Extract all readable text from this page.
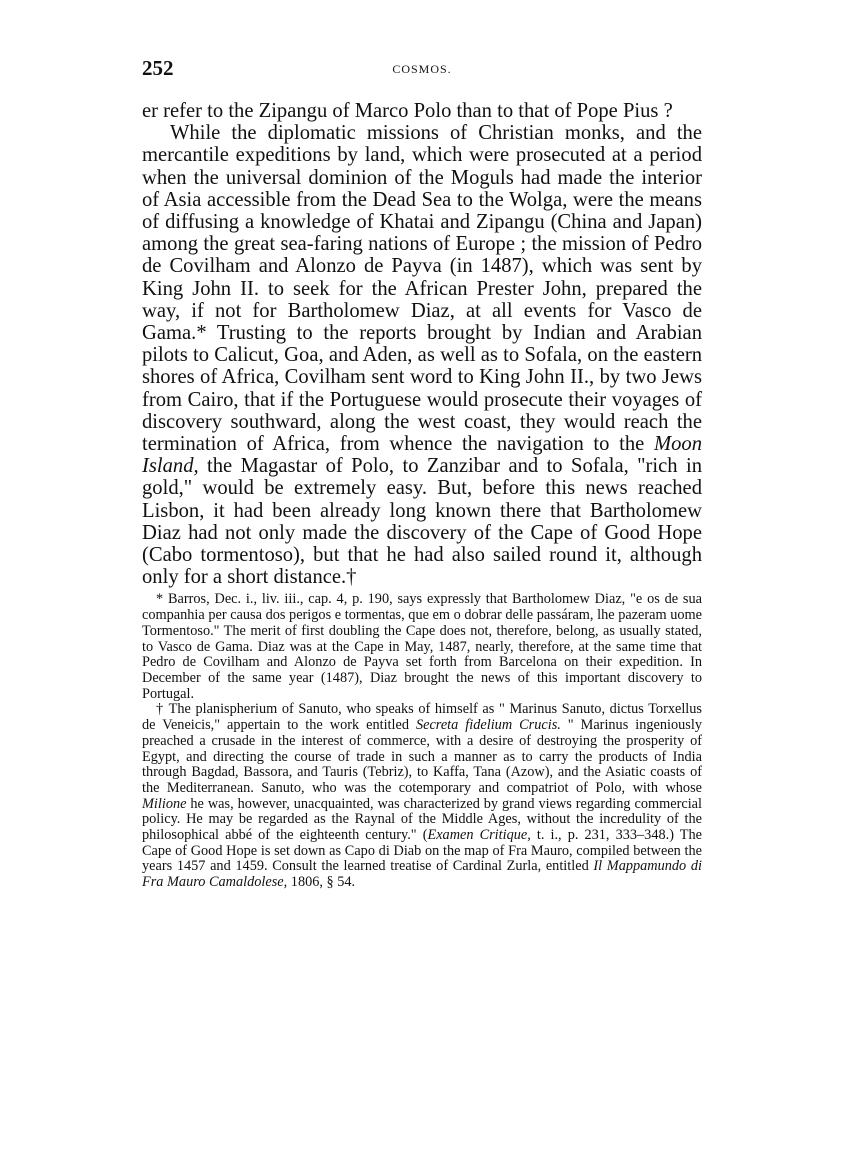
252	COSMOS.

er refer to the Zipangu of Marco Polo than to that of Pope Pius ?

While the diplomatic missions of Christian monks, and the mercantile expeditions by land, which were prosecuted at a period when the universal dominion of the Moguls had made the interior of Asia accessible from the Dead Sea to the Wolga, were the means of diffusing a knowledge of Khatai and Zipangu (China and Japan) among the great sea-faring nations of Europe ; the mission of Pedro de Covilham and Alonzo de Payva (in 1487), which was sent by King John II. to seek for the African Prester John, prepared the way, if not for Bartholomew Diaz, at all events for Vasco de Gama.* Trusting to the reports brought by Indian and Arabian pilots to Calicut, Goa, and Aden, as well as to Sofala, on the eastern shores of Africa, Covilham sent word to King John II., by two Jews from Cairo, that if the Portuguese would prosecute their voyages of discovery southward, along the west coast, they would reach the termination of Africa, from whence the navigation to the Moon Island, the Magastar of Polo, to Zanzibar and to Sofala, "rich in gold," would be extremely easy. But, before this news reached Lisbon, it had been already long known there that Bartholomew Diaz had not only made the discovery of the Cape of Good Hope (Cabo tormentoso), but that he had also sailed round it, although only for a short distance.†

* Barros, Dec. i., liv. iii., cap. 4, p. 190, says expressly that Bartholomew Diaz, "e os de sua companhia per causa dos perigos e tormentas, que em o dobrar delle passáram, lhe pazeram uome Tormentoso." The merit of first doubling the Cape does not, therefore, belong, as usually stated, to Vasco de Gama. Diaz was at the Cape in May, 1487, nearly, therefore, at the same time that Pedro de Covilham and Alonzo de Payva set forth from Barcelona on their expedition. In December of the same year (1487), Diaz brought the news of this important discovery to Portugal.

† The planispherium of Sanuto, who speaks of himself as " Marinus Sanuto, dictus Torxellus de Veneicis," appertain to the work entitled Secreta fidelium Crucis. " Marinus ingeniously preached a crusade in the interest of commerce, with a desire of destroying the prosperity of Egypt, and directing the course of trade in such a manner as to carry the products of India through Bagdad, Bassora, and Tauris (Tebriz), to Kaffa, Tana (Azow), and the Asiatic coasts of the Mediterranean. Sanuto, who was the cotemporary and compatriot of Polo, with whose Milione he was, however, unacquainted, was characterized by grand views regarding commercial policy. He may be regarded as the Raynal of the Middle Ages, without the incredulity of the philosophical abbé of the eighteenth century." (Examen Critique, t. i., p. 231, 333–348.) The Cape of Good Hope is set down as Capo di Diab on the map of Fra Mauro, compiled between the years 1457 and 1459. Consult the learned treatise of Cardinal Zurla, entitled Il Mappamundo di Fra Mauro Camaldolese, 1806, § 54.
